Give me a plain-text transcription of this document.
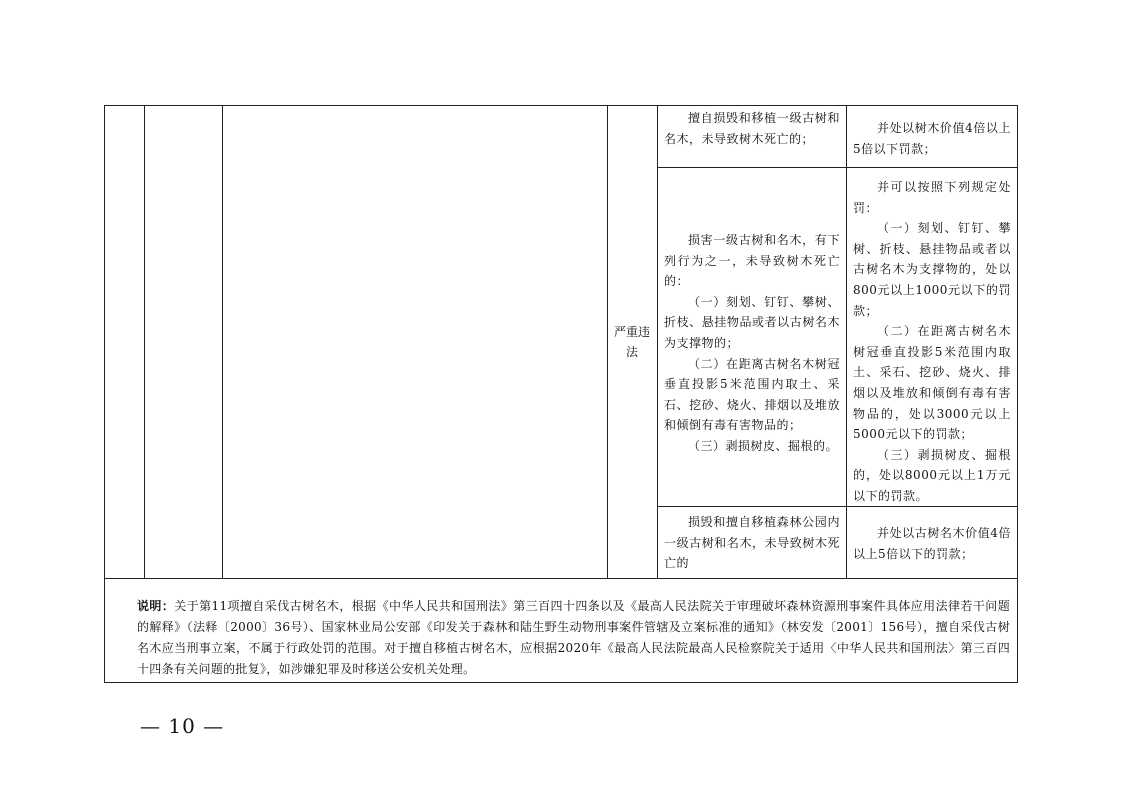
严重违法
擅自损毁和移植一级古树和名木，未导致树木死亡的；
并处以树木价值4倍以上5倍以下罚款；
损害一级古树和名木，有下列行为之一，未导致树木死亡的：
（一）刻划、钉钉、攀树、折枝、悬挂物品或者以古树名木为支撑物的；
（二）在距离古树名木树冠垂直投影5米范围内取土、采石、挖砂、烧火、排烟以及堆放和倾倒有毒有害物品的；
（三）剥损树皮、掘根的。
并可以按照下列规定处罚：
（一）刻划、钉钉、攀树、折枝、悬挂物品或者以古树名木为支撑物的，处以800元以上1000元以下的罚款；
（二）在距离古树名木树冠垂直投影5米范围内取土、采石、挖砂、烧火、排烟以及堆放和倾倒有毒有害物品的，处以3000元以上5000元以下的罚款；
（三）剥损树皮、掘根的，处以8000元以上1万元以下的罚款。
损毁和擅自移植森林公园内一级古树和名木，未导致树木死亡的
并处以古树名木价值4倍以上5倍以下的罚款；
说明：关于第11项擅自采伐古树名木，根据《中华人民共和国刑法》第三百四十四条以及《最高人民法院关于审理破坏森林资源刑事案件具体应用法律若干问题的解释》（法释〔2000〕36号）、国家林业局公安部《印发关于森林和陆生野生动物刑事案件管辖及立案标准的通知》（林安发〔2001〕156号），擅自采伐古树名木应当刑事立案，不属于行政处罚的范围。对于擅自移植古树名木，应根据2020年《最高人民法院最高人民检察院关于适用〈中华人民共和国刑法〉第三百四十四条有关问题的批复》，如涉嫌犯罪及时移送公安机关处理。
— 10 —
